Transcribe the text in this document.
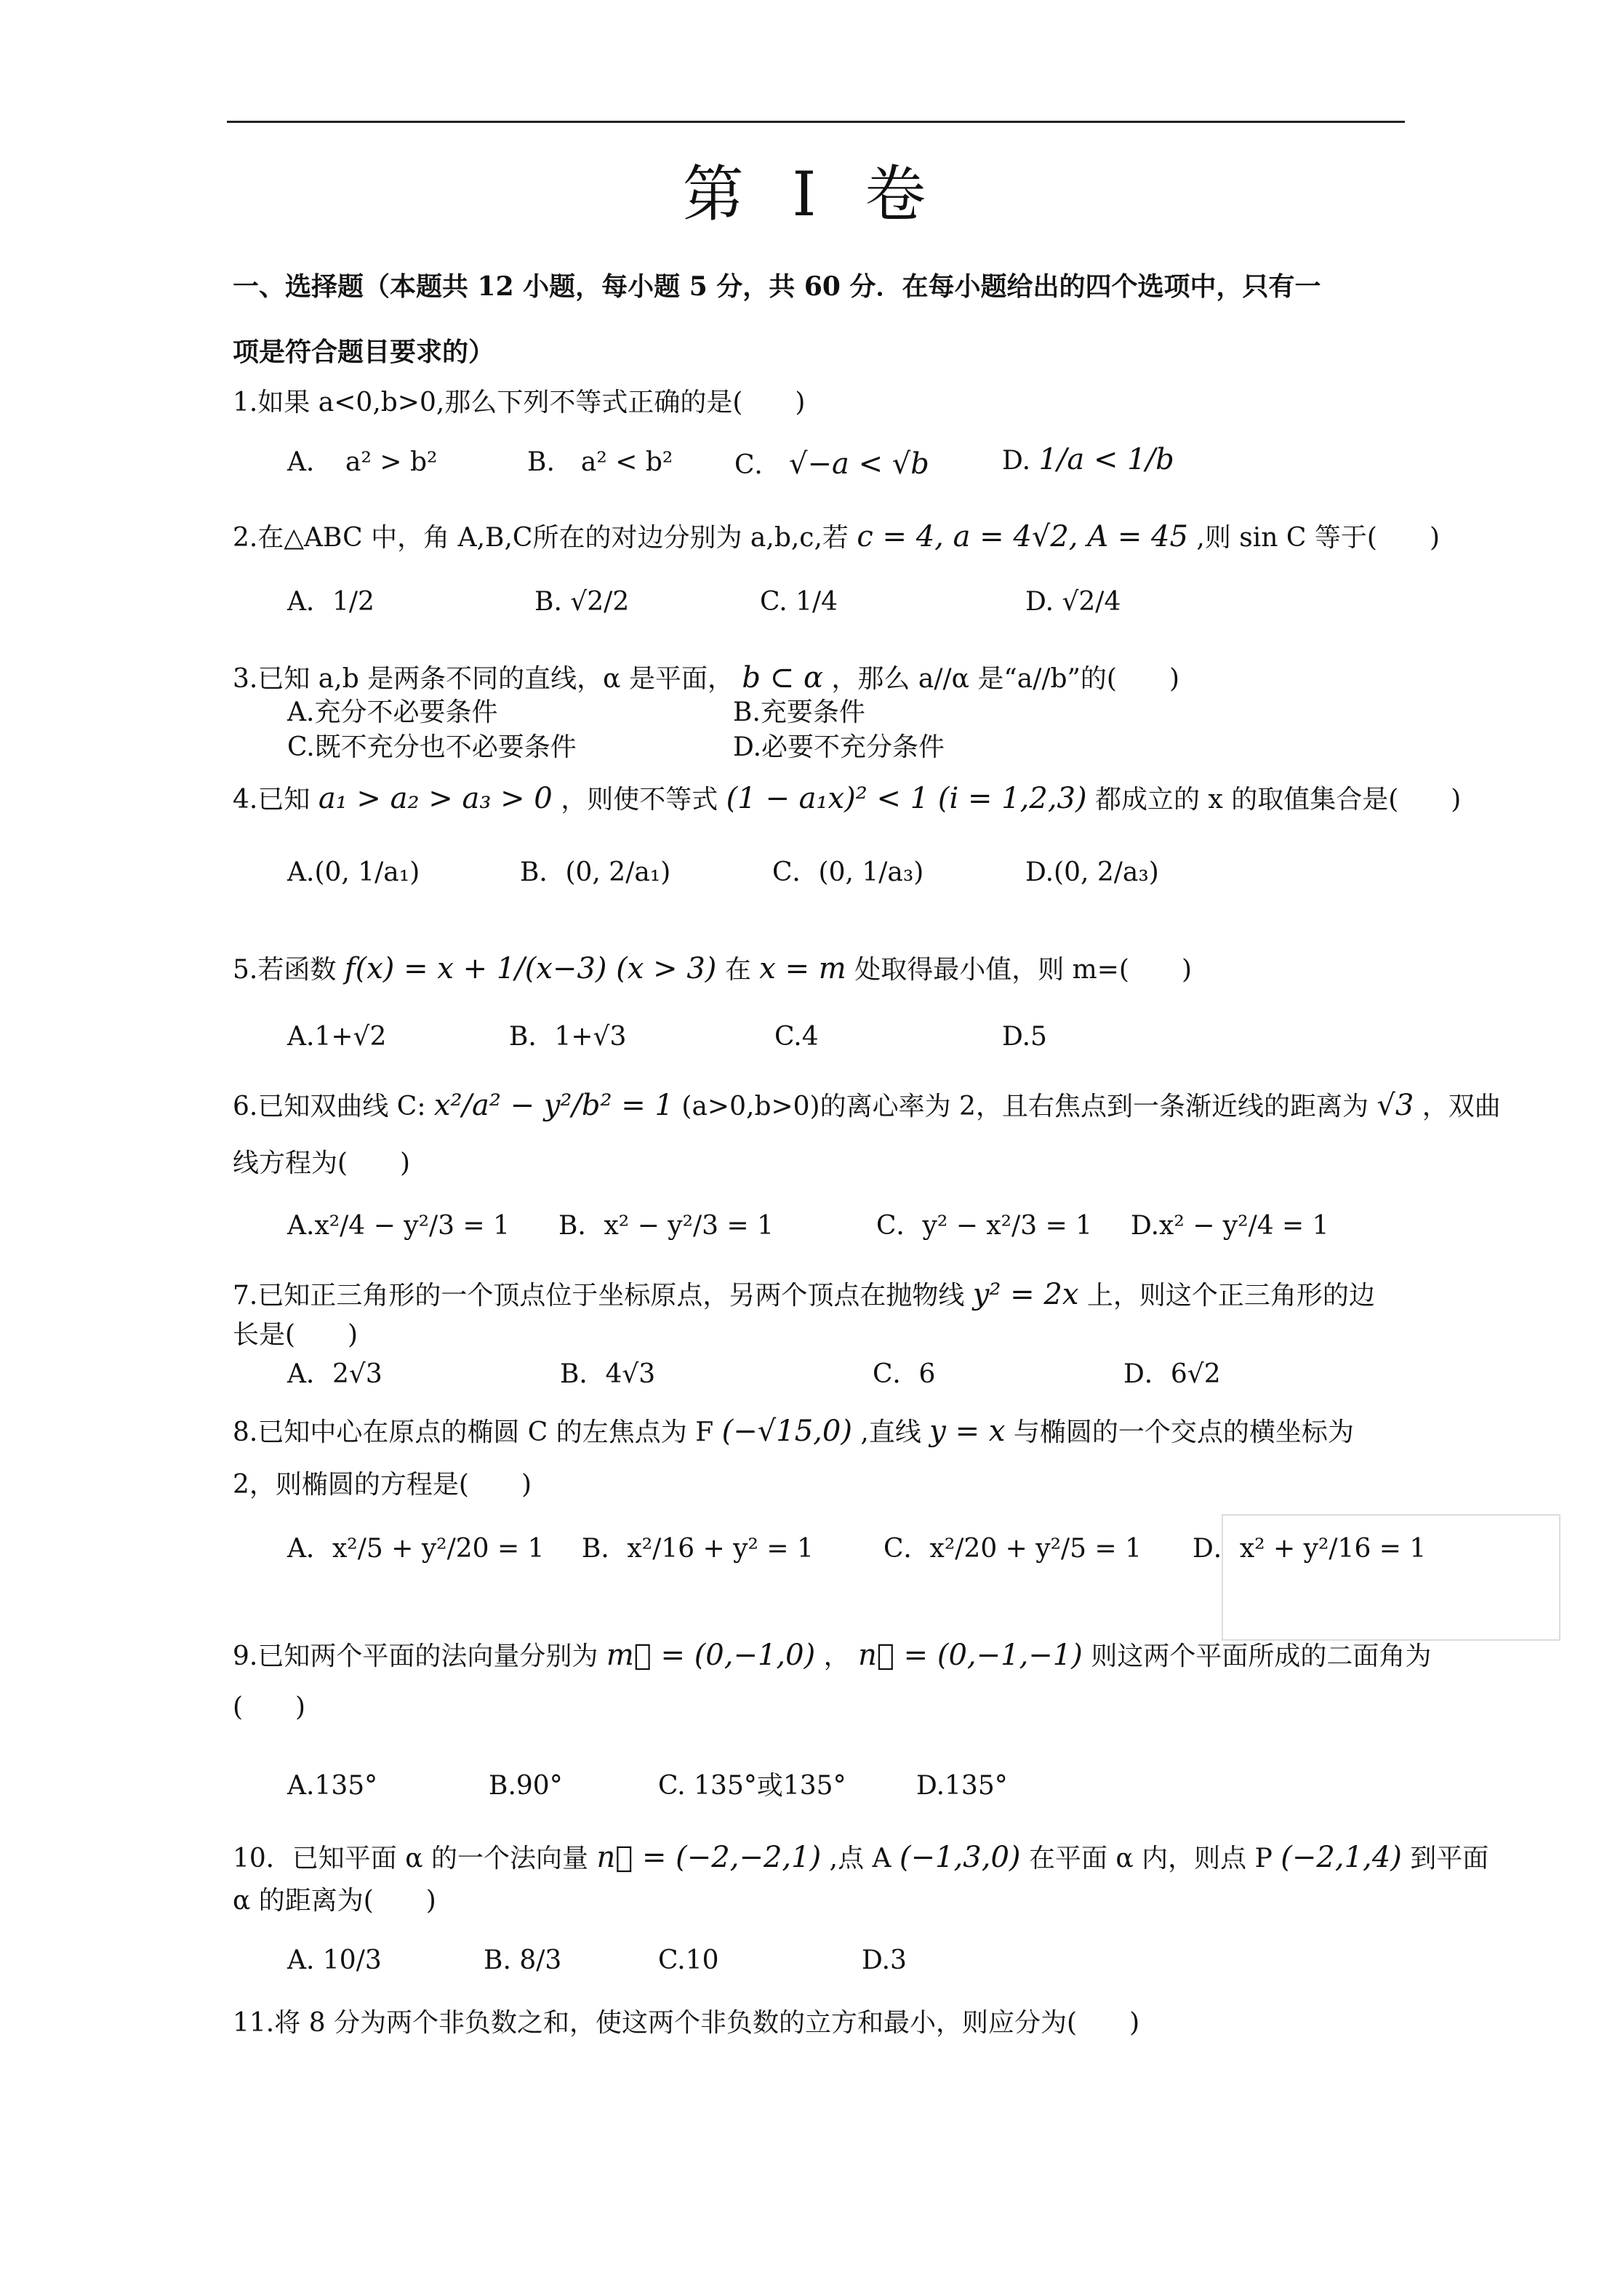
第 I 卷
一、选择题（本题共 12 小题，每小题 5 分，共 60 分．在每小题给出的四个选项中，只有一
项是符合题目要求的）
1.如果 a<0,b>0,那么下列不等式正确的是(　　)
A．　a² > b²	B.　a² < b² C． √−a < √b	D. 1/a < 1/b
2.在△ABC 中，角 A,B,C所在的对边分别为 a,b,c,若 c = 4, a = 4√2, A = 45 ,则 sin C 等于(　　)
A．1/2	B. √2/2	C. 1/4	D. √2/4
3.已知 a,b 是两条不同的直线，α 是平面， b ⊂ α ，那么 a//α 是“a//b”的(　　)
A.充分不必要条件	B.充要条件
C.既不充分也不必要条件	D.必要不充分条件
4.已知 a₁ > a₂ > a₃ > 0 ，则使不等式 (1 − a₁x)² < 1 (i = 1,2,3) 都成立的 x 的取值集合是(　　)
A.(0, 1/a₁)	B．(0, 2/a₁)	C．(0, 1/a₃)	D.(0, 2/a₃)
5.若函数 f(x) = x + 1/(x−3) (x > 3) 在 x = m 处取得最小值，则 m=(　　)
A.1+√2	B．1+√3	C.4	D.5
6.已知双曲线 C: x²/a² − y²/b² = 1 (a>0,b>0)的离心率为 2，且右焦点到一条渐近线的距离为 √3 ，双曲
线方程为(　　)
A.x²/4 − y²/3 = 1 B．x² − y²/3 = 1	C．y² − x²/3 = 1 D.x² − y²/4 = 1
7.已知正三角形的一个顶点位于坐标原点，另两个顶点在抛物线 y² = 2x 上，则这个正三角形的边
长是(　　)
A．2√3	B．4√3	C．6	D．6√2
8.已知中心在原点的椭圆 C 的左焦点为 F (−√15,0) ,直线 y = x 与椭圆的一个交点的横坐标为
2，则椭圆的方程是(　　)
A．x²/5 + y²/20 = 1 B．x²/16 + y² = 1	C．x²/20 + y²/5 = 1 D．x² + y²/16 = 1
9.已知两个平面的法向量分别为 m⃗ = (0,−1,0) ， n⃗ = (0,−1,−1) 则这两个平面所成的二面角为
(　　)
A.135°	B.90°	C. 135°或135°	D.135°
10．已知平面 α 的一个法向量 n⃗ = (−2,−2,1) ,点 A (−1,3,0) 在平面 α 内，则点 P (−2,1,4) 到平面
α 的距离为(　　)
A. 10/3	B. 8/3	C.10	D.3
11.将 8 分为两个非负数之和，使这两个非负数的立方和最小，则应分为(　　)
